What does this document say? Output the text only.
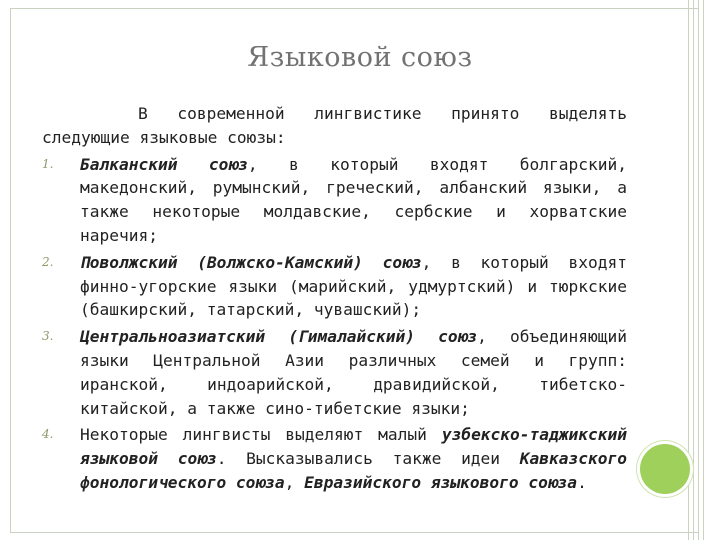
Языковой союз

В современной лингвистике принято выделять следующие языковые союзы:

1. Балканский союз, в который входят болгарский, македонский, румынский, греческий, албанский языки, а также некоторые молдавские, сербские и хорватские наречия;
2. Поволжский (Волжско-Камский) союз, в который входят финно-угорские языки (марийский, удмуртский) и тюркские (башкирский, татарский, чувашский);
3. Центральноазиатский (Гималайский) союз, объединяющий языки Центральной Азии различных семей и групп: иранской, индоарийской, дравидийской, тибетско-китайской, а также сино-тибетские языки;
4. Некоторые лингвисты выделяют малый узбекско-таджикский языковой союз. Высказывались также идеи Кавказского фонологического союза, Евразийского языкового союза.
